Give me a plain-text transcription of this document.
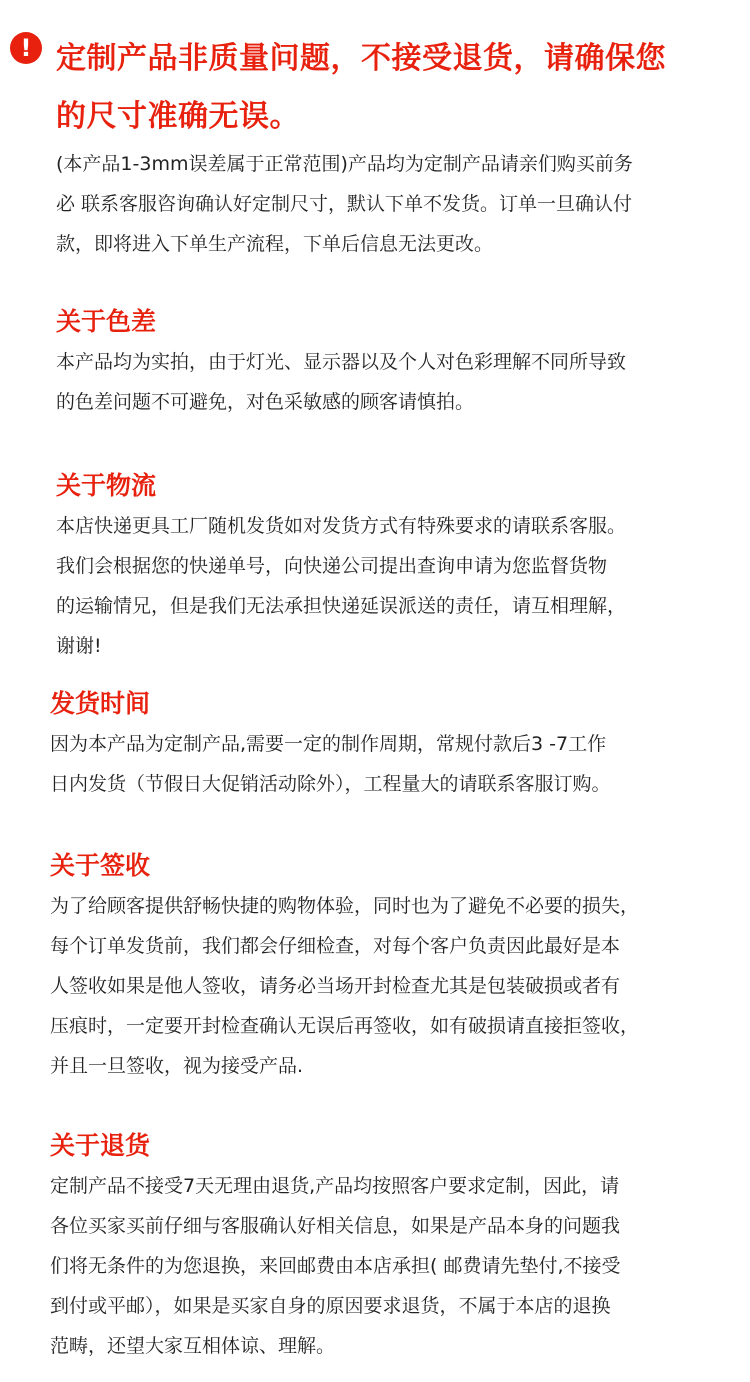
! 定制产品非质量问题，不接受退货，请确保您
的尺寸准确无误。

(本产品1-3mm误差属于正常范围)产品均为定制产品请亲们购买前务
必 联系客服咨询确认好定制尺寸，默认下单不发货。订单一旦确认付
款，即将进入下单生产流程，下单后信息无法更改。

关于色差

本产品均为实拍，由于灯光、显示器以及个人对色彩理解不同所导致
的色差问题不可避免，对色采敏感的顾客请慎拍。

关于物流

本店快递更具工厂随机发货如对发货方式有特殊要求的请联系客服。
我们会根据您的快递单号，向快递公司提出查询申请为您监督货物
的运输情兄，但是我们无法承担快递延误派送的责任，请互相理解，
谢谢!

发货时间

因为本产品为定制产品,需要一定的制作周期，常规付款后3 -7工作
日内发货（节假日大促销活动除外），工程量大的请联系客服订购。

关于签收

为了给顾客提供舒畅快捷的购物体验，同时也为了避免不必要的损失，
每个订单发货前，我们都会仔细检查，对每个客户负责因此最好是本
人签收如果是他人签收，请务必当场开封检查尤其是包装破损或者有
压痕时，一定要开封检查确认无误后再签收，如有破损请直接拒签收，
并且一旦签收，视为接受产品.

关于退货

定制产品不接受7天无理由退货,产品均按照客户要求定制，因此，请
各位买家买前仔细与客服确认好相关信息，如果是产品本身的问题我
们将无条件的为您退换，来回邮费由本店承担( 邮费请先垫付,不接受
到付或平邮），如果是买家自身的原因要求退货，不属于本店的退换
范畴，还望大家互相体谅、理解。
